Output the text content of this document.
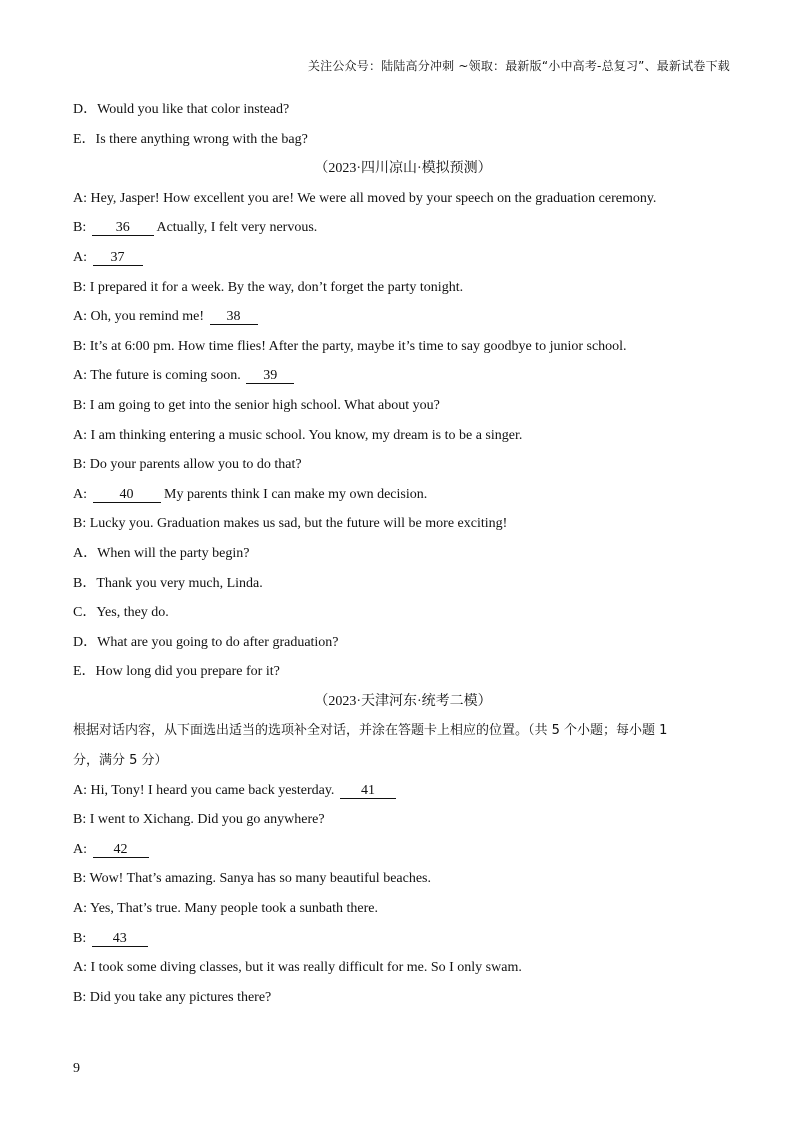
关注公众号：陆陆高分冲刺 ~领取：最新版“小中高考-总复习”、最新试卷下载
D．Would you like that color instead?
E．Is there anything wrong with the bag?
（2023·四川凉山·模拟预测）
A: Hey, Jasper! How excellent you are! We were all moved by your speech on the graduation ceremony.
B: 36 Actually, I felt very nervous.
A: 37
B: I prepared it for a week. By the way, don’t forget the party tonight.
A: Oh, you remind me! 38
B: It’s at 6:00 pm. How time flies! After the party, maybe it’s time to say goodbye to junior school.
A: The future is coming soon. 39
B: I am going to get into the senior high school. What about you?
A: I am thinking entering a music school. You know, my dream is to be a singer.
B: Do your parents allow you to do that?
A: 40 My parents think I can make my own decision.
B: Lucky you. Graduation makes us sad, but the future will be more exciting!
A．When will the party begin?
B．Thank you very much, Linda.
C．Yes, they do.
D．What are you going to do after graduation?
E．How long did you prepare for it?
（2023·天津河东·统考二模）
根据对话内容，从下面选出适当的选项补全对话，并涂在答题卡上相应的位置。（共 5 个小题；每小题 1
分，满分 5 分）
A: Hi, Tony! I heard you came back yesterday. 41
B: I went to Xichang. Did you go anywhere?
A: 42
B: Wow! That’s amazing. Sanya has so many beautiful beaches.
A: Yes, That’s true. Many people took a sunbath there.
B: 43
A: I took some diving classes, but it was really difficult for me. So I only swam.
B: Did you take any pictures there?
9
